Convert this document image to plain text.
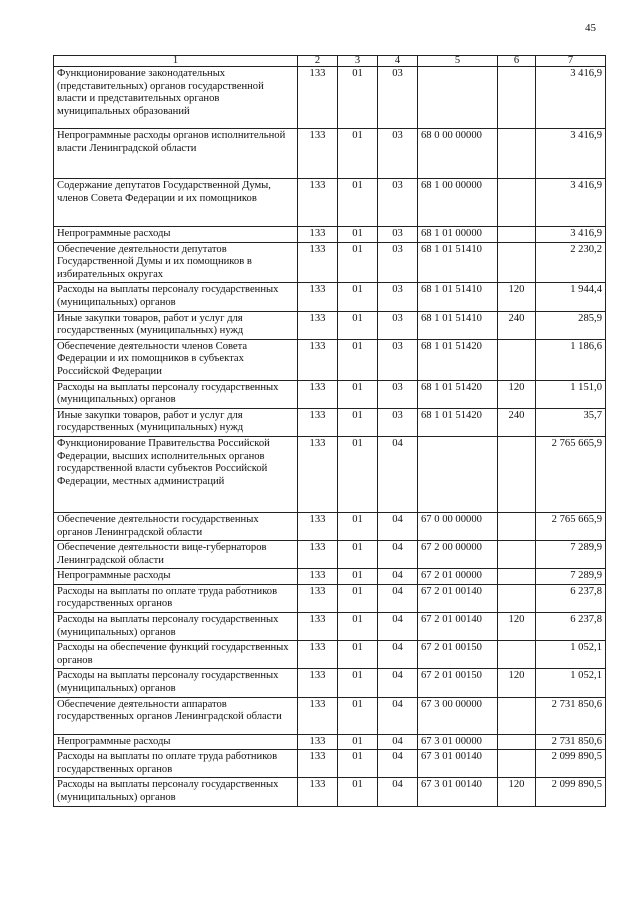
45
1	2	3	4	5	6	7
Функционирование законодательных (представительных) органов государственной власти и представительных органов муниципальных образований	133	01	03			3 416,9
Непрограммные расходы органов исполнительной власти Ленинградской области	133	01	03	68 0 00 00000		3 416,9
Содержание депутатов Государственной Думы, членов Совета Федерации и их помощников	133	01	03	68 1 00 00000		3 416,9
Непрограммные расходы	133	01	03	68 1 01 00000		3 416,9
Обеспечение деятельности депутатов Государственной Думы и их помощников в избирательных округах	133	01	03	68 1 01 51410		2 230,2
Расходы на выплаты персоналу государственных (муниципальных) органов	133	01	03	68 1 01 51410	120	1 944,4
Иные закупки товаров, работ и услуг для государственных (муниципальных) нужд	133	01	03	68 1 01 51410	240	285,9
Обеспечение деятельности членов Совета Федерации и их помощников в субъектах Российской Федерации	133	01	03	68 1 01 51420		1 186,6
Расходы на выплаты персоналу государственных (муниципальных) органов	133	01	03	68 1 01 51420	120	1 151,0
Иные закупки товаров, работ и услуг для государственных (муниципальных) нужд	133	01	03	68 1 01 51420	240	35,7
Функционирование Правительства Российской Федерации, высших исполнительных органов государственной власти субъектов Российской Федерации, местных администраций	133	01	04			2 765 665,9
Обеспечение деятельности государственных органов Ленинградской области	133	01	04	67 0 00 00000		2 765 665,9
Обеспечение деятельности вице-губернаторов Ленинградской области	133	01	04	67 2 00 00000		7 289,9
Непрограммные расходы	133	01	04	67 2 01 00000		7 289,9
Расходы на выплаты по оплате труда работников государственных органов	133	01	04	67 2 01 00140		6 237,8
Расходы на выплаты персоналу государственных (муниципальных) органов	133	01	04	67 2 01 00140	120	6 237,8
Расходы на обеспечение функций государственных органов	133	01	04	67 2 01 00150		1 052,1
Расходы на выплаты персоналу государственных (муниципальных) органов	133	01	04	67 2 01 00150	120	1 052,1
Обеспечение деятельности аппаратов государственных органов Ленинградской области	133	01	04	67 3 00 00000		2 731 850,6
Непрограммные расходы	133	01	04	67 3 01 00000		2 731 850,6
Расходы на выплаты по оплате труда работников государственных органов	133	01	04	67 3 01 00140		2 099 890,5
Расходы на выплаты персоналу государственных (муниципальных) органов	133	01	04	67 3 01 00140	120	2 099 890,5
